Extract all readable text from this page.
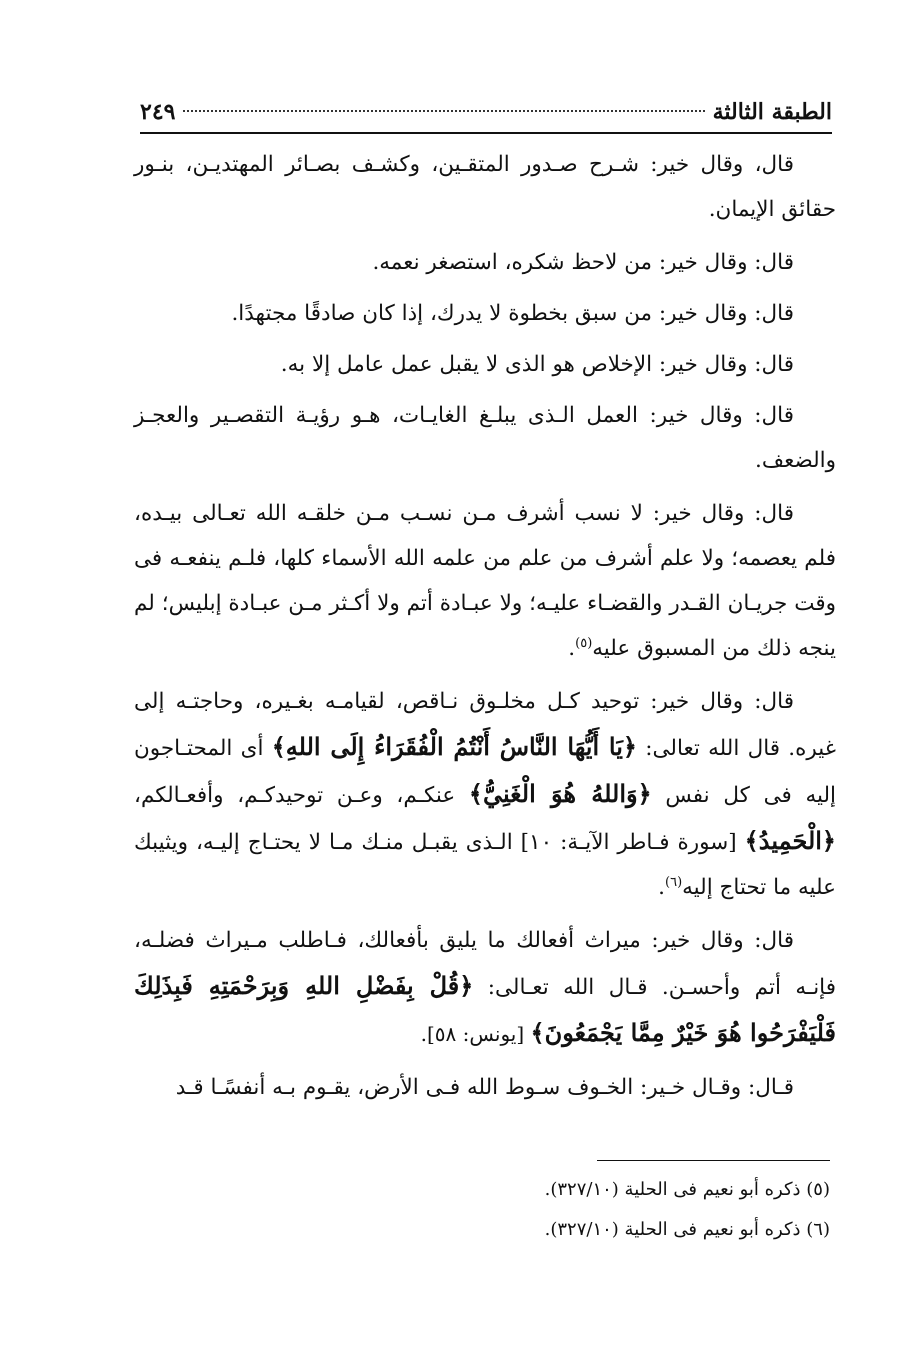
الطبقة الثالثة
٢٤٩

قال، وقال خير: شـرح صـدور المتقـين، وكشـف بصـائر المهتديـن، بنـور حقائق الإيمان.

قال: وقال خير: من لاحظ شكره، استصغر نعمه.

قال: وقال خير: من سبق بخطوة لا يدرك، إذا كان صادقًا مجتهدًا.

قال: وقال خير: الإخلاص هو الذى لا يقبل عمل عامل إلا به.

قال: وقال خير: العمل الـذى يبلـغ الغايـات، هـو رؤيـة التقصـير والعجـز والضعف.

قال: وقال خير: لا نسب أشرف مـن نسـب مـن خلقـه الله تعـالى بيـده، فلم يعصمه؛ ولا علم أشرف من علم من علمه الله الأسماء كلها، فلـم ينفعـه فى وقت جريـان القـدر والقضـاء عليـه؛ ولا عبـادة أتم ولا أكـثر مـن عبـادة إبليس؛ لم ينجه ذلك من المسبوق عليه$^{(٥)}$.

قال: وقال خير: توحيد كـل مخلـوق نـاقص، لقيامـه بغـيره، وحاجتـه إلى غيره. قال الله تعالى: ﴿يَا أَيُّهَا النَّاسُ أَنْتُمُ الْفُقَرَاءُ إِلَى اللهِ﴾ أى المحتـاجون إليه فى كل نفس ﴿وَاللهُ هُوَ الْغَنِيُّ﴾ عنكـم، وعـن توحيدكـم، وأفعـالكم، ﴿الْحَمِيدُ﴾ [سورة فـاطر الآيـة: ١٠] الـذى يقبـل منـك مـا لا يحتـاج إليـه، ويثيبك عليه ما تحتاج إليه$^{(٦)}$.

قال: وقال خير: ميراث أفعالك ما يليق بأفعالك، فـاطلب مـيراث فضلـه، فإنـه أتم وأحسـن. قـال الله تعـالى: ﴿قُلْ بِفَضْلِ اللهِ وَبِرَحْمَتِهِ فَبِذَلِكَ فَلْيَفْرَحُوا هُوَ خَيْرٌ مِمَّا يَجْمَعُونَ﴾ [يونس: ٥٨].

قـال: وقـال خـير: الخـوف سـوط الله فـى الأرض، يقـوم بـه أنفسًـا قـد

(٥) ذكره أبو نعيم فى الحلية (٣٢٧/١٠).

(٦) ذكره أبو نعيم فى الحلية (٣٢٧/١٠).
